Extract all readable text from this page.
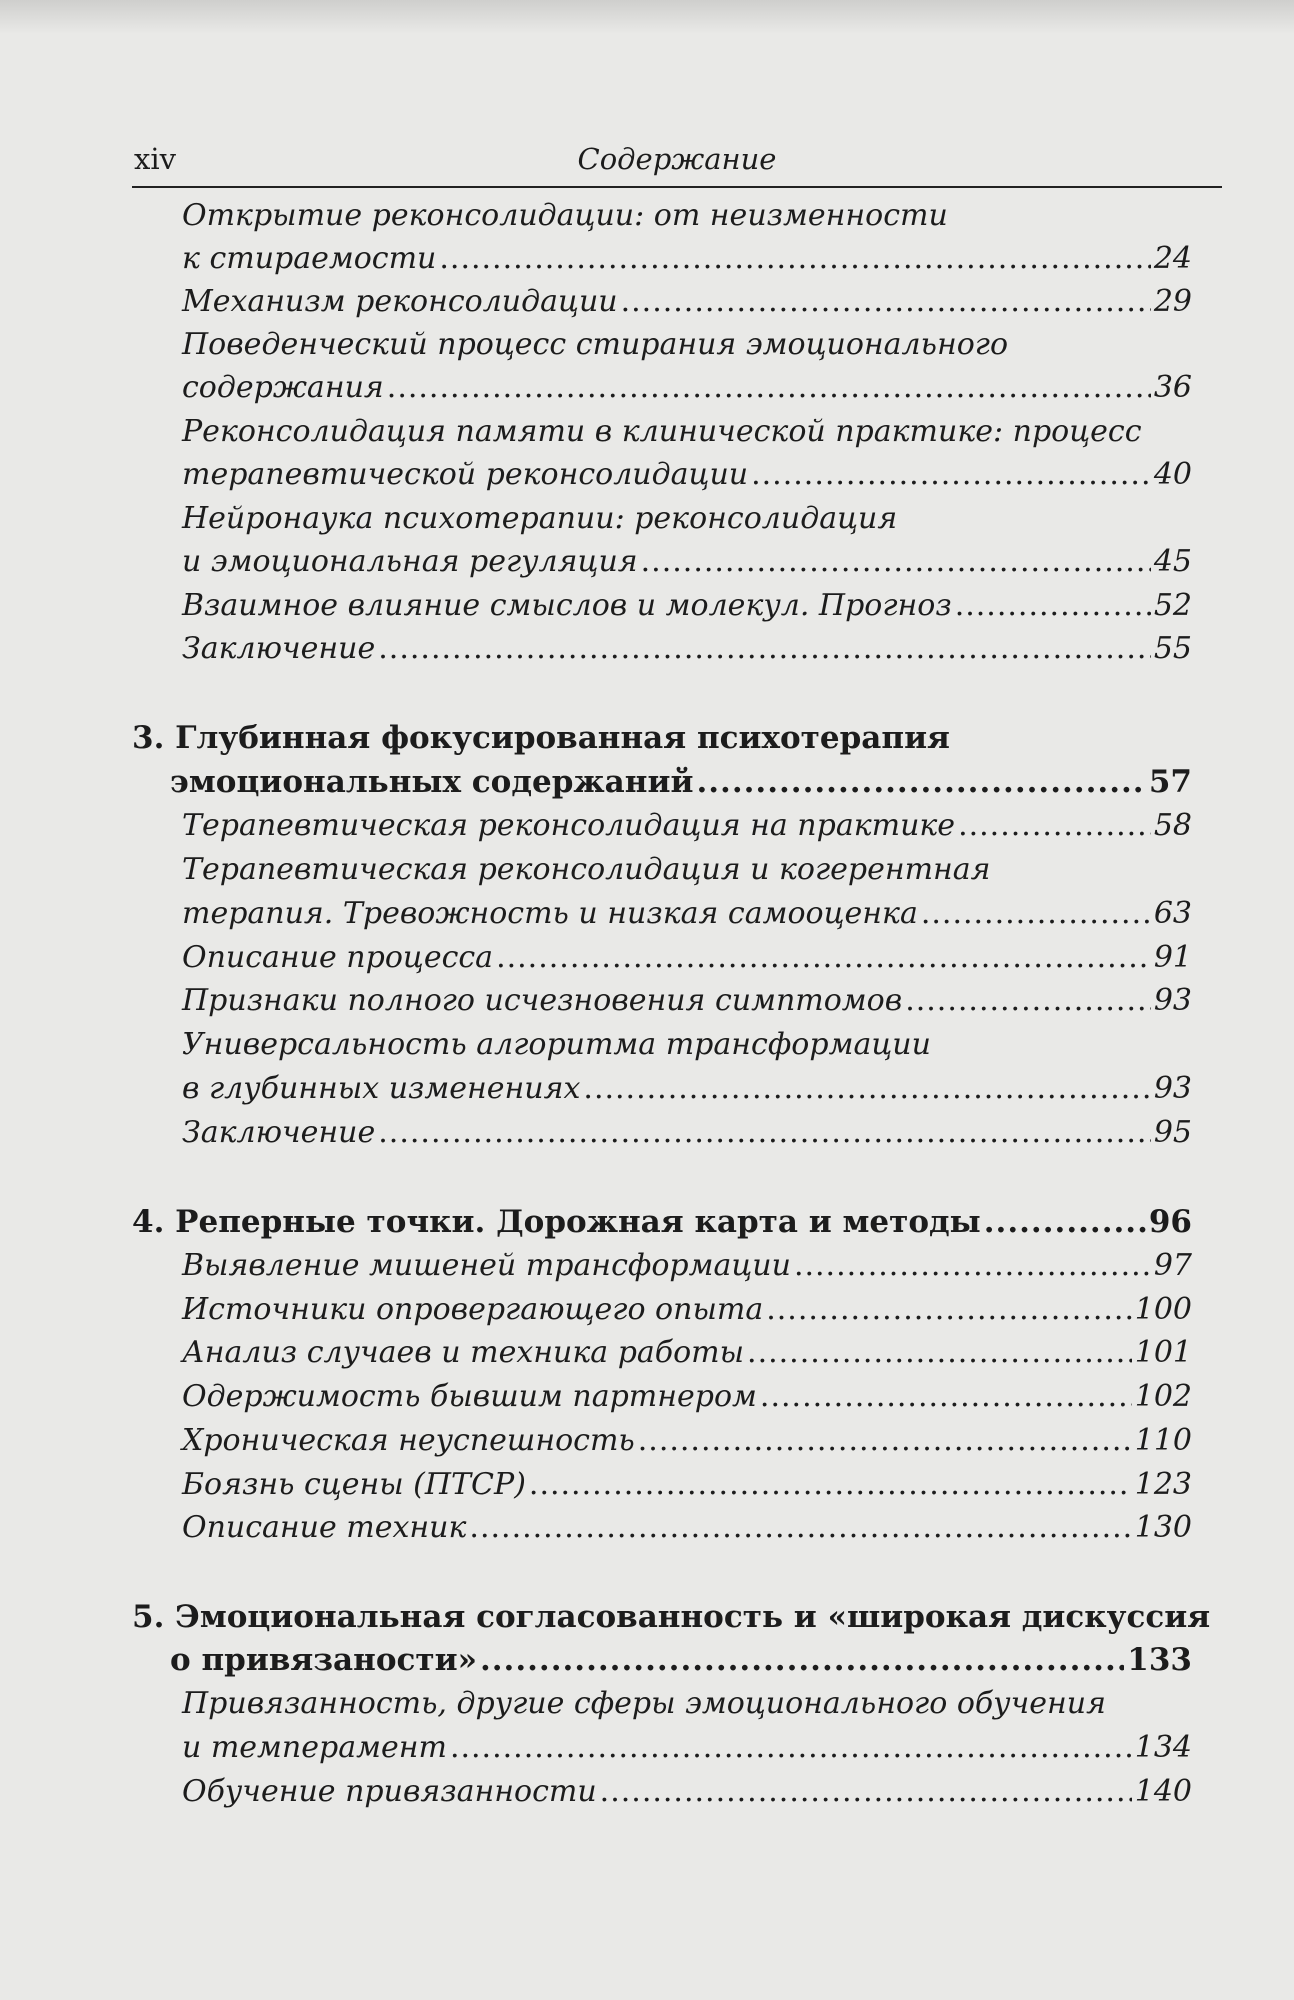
xiv	Содержание
Открытие реконсолидации: от неизменности
к стираемости .....	24
Механизм реконсолидации .....	29
Поведенческий процесс стирания эмоционального
содержания .....	36
Реконсолидация памяти в клинической практике: процесс
терапевтической реконсолидации .....	40
Нейронаука психотерапии: реконсолидация
и эмоциональная регуляция .....	45
Взаимное влияние смыслов и молекул. Прогноз .....	52
Заключение .....	55
3. Глубинная фокусированная психотерапия
эмоциональных содержаний .....	57
Терапевтическая реконсолидация на практике .....	58
Терапевтическая реконсолидация и когерентная
терапия. Тревожность и низкая самооценка .....	63
Описание процесса .....	91
Признаки полного исчезновения симптомов .....	93
Универсальность алгоритма трансформации
в глубинных изменениях .....	93
Заключение .....	95
4. Реперные точки. Дорожная карта и методы .....	96
Выявление мишеней трансформации .....	97
Источники опровергающего опыта .....	100
Анализ случаев и техника работы .....	101
Одержимость бывшим партнером .....	102
Хроническая неуспешность .....	110
Боязнь сцены (ПТСР) .....	123
Описание техник .....	130
5. Эмоциональная согласованность и «широкая дискуссия
о привязаности» .....	133
Привязанность, другие сферы эмоционального обучения
и темперамент .....	134
Обучение привязанности .....	140
